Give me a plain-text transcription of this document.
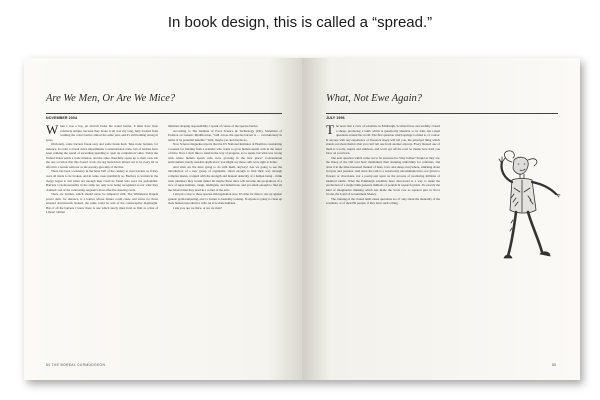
In book design, this is called a “spread.”
Are We Men, Or Are We Mice?
NOVEMBER 2004

When I was a boy, jet aircraft broke the sound barrier. It must have been relatively simple, because they broke it all over my long, felty tracked from walking the colors barrier almost the same year, and it's still holding strong in spots.

Obviously, some barriers break easy and some break hard. Take trade barriers, for instance. In order to break down impediments to international trade, lots of nations have been walking the sound of exceeding spending to open up competitors' sides. Today the United States sends a trade mission, and the other cheerfully opens up to their own. On the one occasion that this doesn't work, the Ag branch has turned out to be every bit as effective a barrier remover as the seventy-gun ship of the line.

There has been a tendency in the latter half of the century to treat barriers as if they were all made to be broken, and in some cases justifiably so. Barriers to women in the clergy began to fall when not enough men could be found who were not pedophiles. Barriers to homosexuality in the army are only now being recognized as not what they claimed: one of the contrasting sergeant's most effective drawing cards.

There are barriers which should never be tampered with. The Whitehorse Rapids power dam, for instance, is a barrier whose failure could cause real stress for those situated downstream. Indeed, the same could be said of the contraceptive diaphragm. But of all the barriers I know there is one which surely must hold as firm as a line of Liberal cabinet

ministers shaping responsibility. I speak of course of the species barrier.

According to The Institute of Food Science & Technology (UK), Statement of Position on Genetic Modification, “GM across the species barrier is … revolutionary in terms of its potential benefits.” Well, maybe yes and maybe no.

Now Science magazine reports that the US National Institutes of Health is considering a request for funding from a scientist who wants to grow human sperm cells in the testes of mice. Now I don't like to stand in the way of progress, so to speak, but what was wrong with where human sperm cells were growing in the first place? Conventional environment, handy reusable applicators: you might say those cells were right at home.

And what are the mice going to do with them, anyway? Are we going to see the introduction of a new group of organisms, smart enough to find their way through complex mazes, coupled with the strength and manual dexterity of a human being – think what plumbers they would make! Or maybe these mice will become the progenitors of a race of super-humans, tough, intelligent, and industrious, and yet small enough to find all the Liberal men they need in a corner of the attic.

I am put a stop to these species-miscegenation now. It's time for men to rise up against genetic germ-tampering, erect a barrier to bestiality looking. If anyone is going to clean up male human reproductive cells, let it be male humans.

I ask you, are we mice, or are we men?

84 THE BOREAL CURMUDGEON
What, Not Ewe Again?
JULY 1996

The news that a crew of scientists in Edinburgh, Scotland have successfully cloned a sheep, producing a lamb which is genetically identical to its dam, has raised questions around the world. The first question which springs to mind is, of course: Is anyone with any experience of livestock sheep will tell you, the principal thing which stands out about them is that you can't tell one from another anyway. Every blessed one of them is woolly, stupid, and stubborn, and won't get off the road no matter how hard you blow on your horn.

The next question which come out to be answered is: Why bother? Stupid as they are, the sheep of the Old lord have maintained their stunning uniformity for centuries, and done it in the time-honoured manner of lusts, love, and sheep everywhere, smirking about in byres and pastures. And since the ram is a notoriously uncommunicative, not given to flowers or chocolates, not a poetry-rest upon us the process of producing millions of identical lambs. What the Edinburgh scientists have discovered is a way to make the production of a single lamb generate millions of pounds in research grants. It's exactly the kind of imaginative thinking which has made the Scots rare as squared pies in Nova Scotia, the Land of Government Money.

The cunning of the cloned lamb raises questions too, if only about the mentality of the scientists, or of their PR people, if they have such a thing.

85
